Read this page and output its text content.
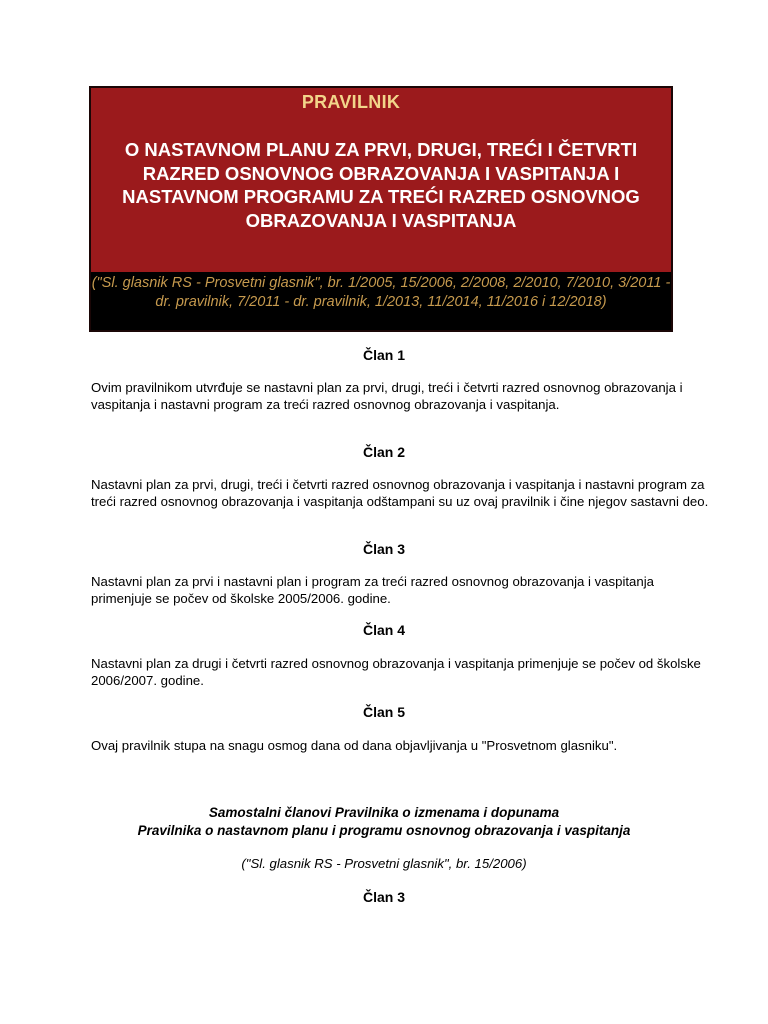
PRAVILNIK
O NASTAVNOM PLANU ZA PRVI, DRUGI, TREĆI I ČETVRTI RAZRED OSNOVNOG OBRAZOVANJA I VASPITANJA I NASTAVNOM PROGRAMU ZA TREĆI RAZRED OSNOVNOG OBRAZOVANJA I VASPITANJA
("Sl. glasnik RS - Prosvetni glasnik", br. 1/2005, 15/2006, 2/2008, 2/2010, 7/2010, 3/2011 - dr. pravilnik, 7/2011 - dr. pravilnik, 1/2013, 11/2014, 11/2016 i 12/2018)
Član 1
Ovim pravilnikom utvrđuje se nastavni plan za prvi, drugi, treći i četvrti razred osnovnog obrazovanja i vaspitanja i nastavni program za treći razred osnovnog obrazovanja i vaspitanja.
Član 2
Nastavni plan za prvi, drugi, treći i četvrti razred osnovnog obrazovanja i vaspitanja i nastavni program za treći razred osnovnog obrazovanja i vaspitanja odštampani su uz ovaj pravilnik i čine njegov sastavni deo.
Član 3
Nastavni plan za prvi i nastavni plan i program za treći razred osnovnog obrazovanja i vaspitanja primenjuje se počev od školske 2005/2006. godine.
Član 4
Nastavni plan za drugi i četvrti razred osnovnog obrazovanja i vaspitanja primenjuje se počev od školske 2006/2007. godine.
Član 5
Ovaj pravilnik stupa na snagu osmog dana od dana objavljivanja u "Prosvetnom glasniku".
Samostalni članovi Pravilnika o izmenama i dopunama
Pravilnika o nastavnom planu i programu osnovnog obrazovanja i vaspitanja
("Sl. glasnik RS - Prosvetni glasnik", br. 15/2006)
Član 3
